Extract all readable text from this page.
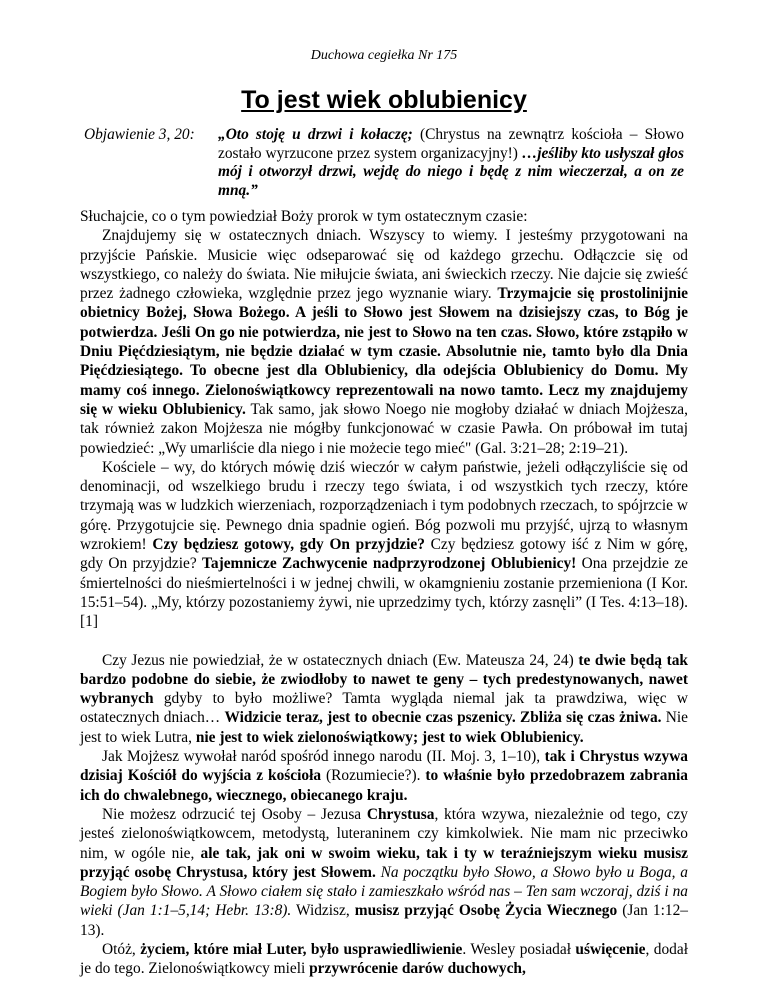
Duchowa cegiełka Nr 175
To jest wiek oblubienicy
Objawienie 3, 20:	„Oto stoję u drzwi i kołaczę; (Chrystus na zewnątrz kościoła – Słowo zostało wyrzucone przez system organizacyjny!) …jeśliby kto usłyszał głos mój i otworzył drzwi, wejdę do niego i będę z nim wieczerzał, a on ze mną.”

Słuchajcie, co o tym powiedział Boży prorok w tym ostatecznym czasie:

Znajdujemy się w ostatecznych dniach. Wszyscy to wiemy. I jesteśmy przygotowani na przyjście Pańskie. Musicie więc odseparować się od każdego grzechu. Odłączcie się od wszystkiego, co należy do świata. Nie miłujcie świata, ani świeckich rzeczy. Nie dajcie się zwieść przez żadnego człowieka, względnie przez jego wyznanie wiary. Trzymajcie się prostolinijnie obietnicy Bożej, Słowa Bożego. A jeśli to Słowo jest Słowem na dzisiejszy czas, to Bóg je potwierdza. Jeśli On go nie potwierdza, nie jest to Słowo na ten czas. Słowo, które zstąpiło w Dniu Pięćdziesiątym, nie będzie działać w tym czasie. Absolutnie nie, tamto było dla Dnia Pięćdziesiątego. To obecne jest dla Oblubienicy, dla odejścia Oblubienicy do Domu. My mamy coś innego. Zielonoświątkowcy reprezentowali na nowo tamto. Lecz my znajdujemy się w wieku Oblubienicy. Tak samo, jak słowo Noego nie mogłoby działać w dniach Mojżesza, tak również zakon Mojżesza nie mógłby funkcjonować w czasie Pawła. On próbował im tutaj powiedzieć: „Wy umarliście dla niego i nie możecie tego mieć" (Gal. 3:21–28; 2:19–21).

Kościele – wy, do których mówię dziś wieczór w całym państwie, jeżeli odłączyliście się od denominacji, od wszelkiego brudu i rzeczy tego świata, i od wszystkich tych rzeczy, które trzymają was w ludzkich wierzeniach, rozporządzeniach i tym podobnych rzeczach, to spójrzcie w górę. Przygotujcie się. Pewnego dnia spadnie ogień. Bóg pozwoli mu przyjść, ujrzą to własnym wzrokiem! Czy będziesz gotowy, gdy On przyjdzie? Czy będziesz gotowy iść z Nim w górę, gdy On przyjdzie? Tajemnicze Zachwycenie nadprzyrodzonej Oblubienicy! Ona przejdzie ze śmiertelności do nieśmiertelności i w jednej chwili, w okamgnieniu zostanie przemieniona (I Kor. 15:51–54). „My, którzy pozostaniemy żywi, nie uprzedzimy tych, którzy zasnęli” (I Tes. 4:13–18). [1]

Czy Jezus nie powiedział, że w ostatecznych dniach (Ew. Mateusza 24, 24) te dwie będą tak bardzo podobne do siebie, że zwiodłoby to nawet te geny – tych predestynowanych, nawet wybranych gdyby to było możliwe? Tamta wygląda niemal jak ta prawdziwa, więc w ostatecznych dniach… Widzicie teraz, jest to obecnie czas pszenicy. Zbliża się czas żniwa. Nie jest to wiek Lutra, nie jest to wiek zielonoświątkowy; jest to wiek Oblubienicy.

Jak Mojżesz wywołał naród spośród innego narodu (II. Moj. 3, 1–10), tak i Chrystus wzywa dzisiaj Kościół do wyjścia z kościoła (Rozumiecie?). to właśnie było przedobrazem zabrania ich do chwalebnego, wiecznego, obiecanego kraju.

Nie możesz odrzucić tej Osoby – Jezusa Chrystusa, która wzywa, niezależnie od tego, czy jesteś zielonoświątkowcem, metodystą, luteraninem czy kimkolwiek. Nie mam nic przeciwko nim, w ogóle nie, ale tak, jak oni w swoim wieku, tak i ty w teraźniejszym wieku musisz przyjąć osobę Chrystusa, który jest Słowem. Na początku było Słowo, a Słowo było u Boga, a Bogiem było Słowo. A Słowo ciałem się stało i zamieszkało wśród nas – Ten sam wczoraj, dziś i na wieki (Jan 1:1–5,14; Hebr. 13:8). Widzisz, musisz przyjąć Osobę Życia Wiecznego (Jan 1:12–13).

Otóż, życiem, które miał Luter, było usprawiedliwienie. Wesley posiadał uświęcenie, dodał je do tego. Zielonoświątkowcy mieli przywrócenie darów duchowych,
